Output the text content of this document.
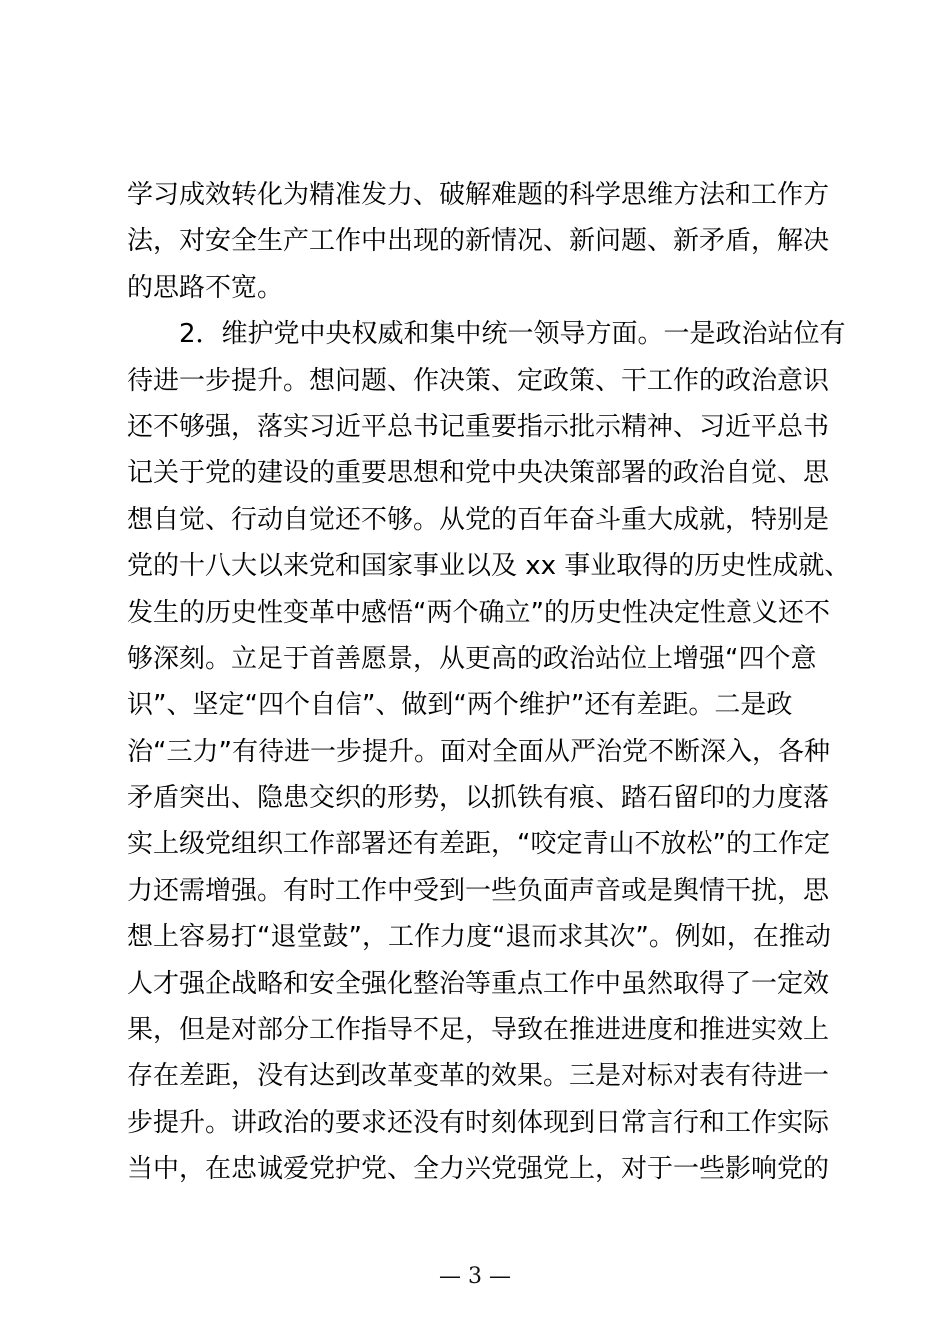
学习成效转化为精准发力、破解难题的科学思维方法和工作方
法，对安全生产工作中出现的新情况、新问题、新矛盾，解决
的思路不宽。
2．维护党中央权威和集中统一领导方面。一是政治站位有
待进一步提升。想问题、作决策、定政策、干工作的政治意识
还不够强，落实习近平总书记重要指示批示精神、习近平总书
记关于党的建设的重要思想和党中央决策部署的政治自觉、思
想自觉、行动自觉还不够。从党的百年奋斗重大成就，特别是
党的十八大以来党和国家事业以及 xx 事业取得的历史性成就、
发生的历史性变革中感悟“两个确立”的历史性决定性意义还不
够深刻。立足于首善愿景，从更高的政治站位上增强“四个意
识”、坚定“四个自信”、做到“两个维护”还有差距。二是政
治“三力”有待进一步提升。面对全面从严治党不断深入，各种
矛盾突出、隐患交织的形势，以抓铁有痕、踏石留印的力度落
实上级党组织工作部署还有差距，“咬定青山不放松”的工作定
力还需增强。有时工作中受到一些负面声音或是舆情干扰，思
想上容易打“退堂鼓”，工作力度“退而求其次”。例如，在推动
人才强企战略和安全强化整治等重点工作中虽然取得了一定效
果，但是对部分工作指导不足，导致在推进进度和推进实效上
存在差距，没有达到改革变革的效果。三是对标对表有待进一
步提升。讲政治的要求还没有时刻体现到日常言行和工作实际
当中，在忠诚爱党护党、全力兴党强党上，对于一些影响党的
— 3 —
